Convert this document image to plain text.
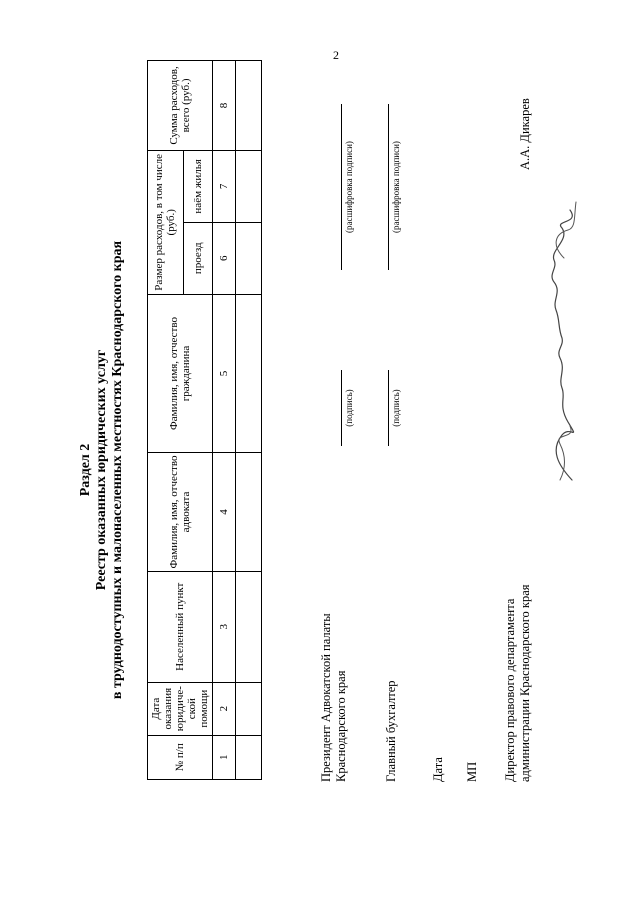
2
Раздел 2 Реестр оказанных юридических услуг в труднодоступных и малонаселенных местностях Краснодарского края
№ п/п	Дата оказания юридиче-ской помощи	Населенный пункт	Фамилия, имя, отчество адвоката	Фамилия, имя, отчество гражданина	Размер расходов, в том числе (руб.)		Сумма расходов, всего (руб.)
					проезд	наём жилья	
1	2	3	4	5	6	7	8

Президент Адвокатской палаты Краснодарского края
(подпись)
(расшифровка подписи)
Главный бухгалтер
(подпись)
(расшифровка подписи)
Дата МП Директор правового департамента администрации Краснодарского края
А.А. Дикарев
